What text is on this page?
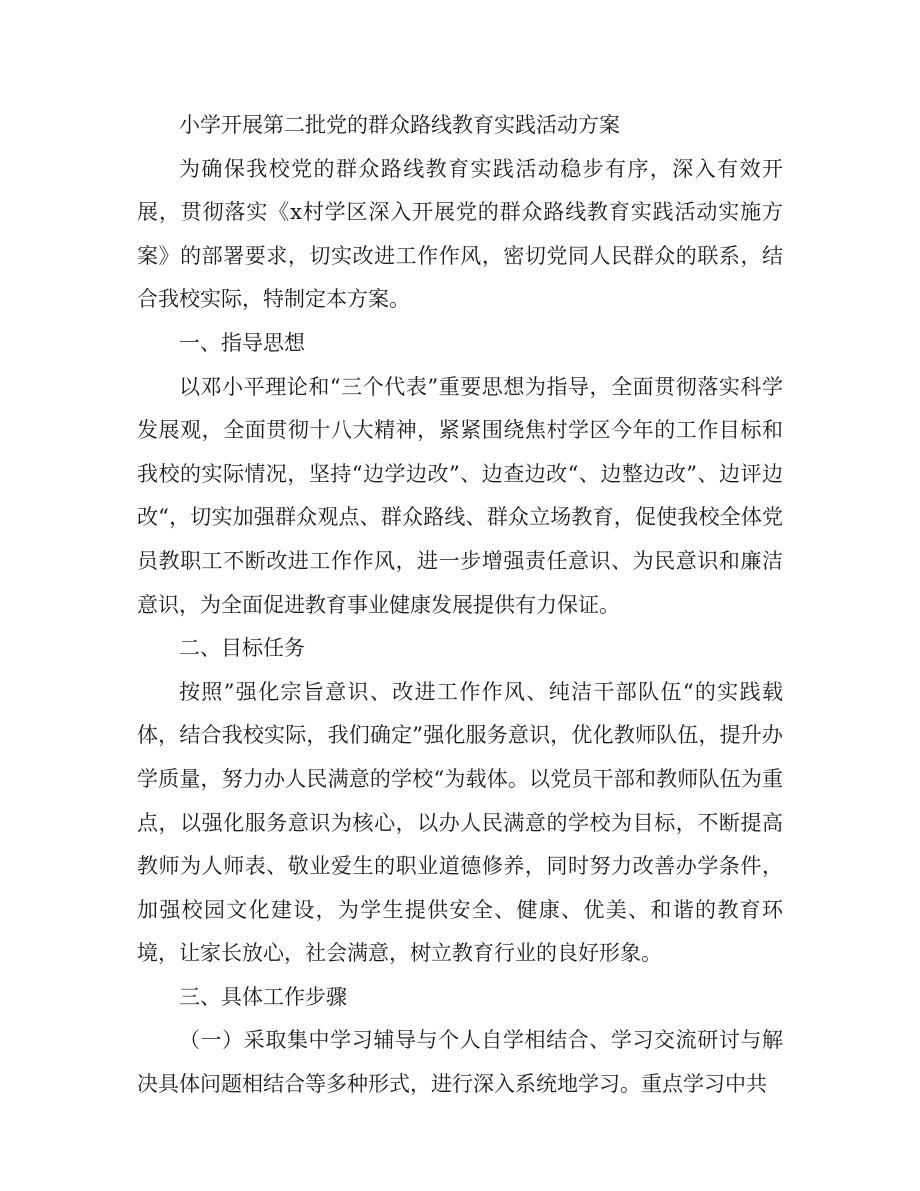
小学开展第二批党的群众路线教育实践活动方案

为确保我校党的群众路线教育实践活动稳步有序，深入有效开展，贯彻落实《x村学区深入开展党的群众路线教育实践活动实施方案》的部署要求，切实改进工作作风，密切党同人民群众的联系，结合我校实际，特制定本方案。

一、指导思想

以邓小平理论和“三个代表”重要思想为指导，全面贯彻落实科学发展观，全面贯彻十八大精神，紧紧围绕焦村学区今年的工作目标和我校的实际情况，坚持“边学边改”、边查边改“、边整边改”、边评边改“，切实加强群众观点、群众路线、群众立场教育，促使我校全体党员教职工不断改进工作作风，进一步增强责任意识、为民意识和廉洁意识，为全面促进教育事业健康发展提供有力保证。

二、目标任务

按照”强化宗旨意识、改进工作作风、纯洁干部队伍“的实践载体，结合我校实际，我们确定”强化服务意识，优化教师队伍，提升办学质量，努力办人民满意的学校“为载体。以党员干部和教师队伍为重点，以强化服务意识为核心，以办人民满意的学校为目标，不断提高教师为人师表、敬业爱生的职业道德修养，同时努力改善办学条件，加强校园文化建设，为学生提供安全、健康、优美、和谐的教育环境，让家长放心，社会满意，树立教育行业的良好形象。

三、具体工作步骤

（一）采取集中学习辅导与个人自学相结合、学习交流研讨与解决具体问题相结合等多种形式，进行深入系统地学习。重点学习中共
